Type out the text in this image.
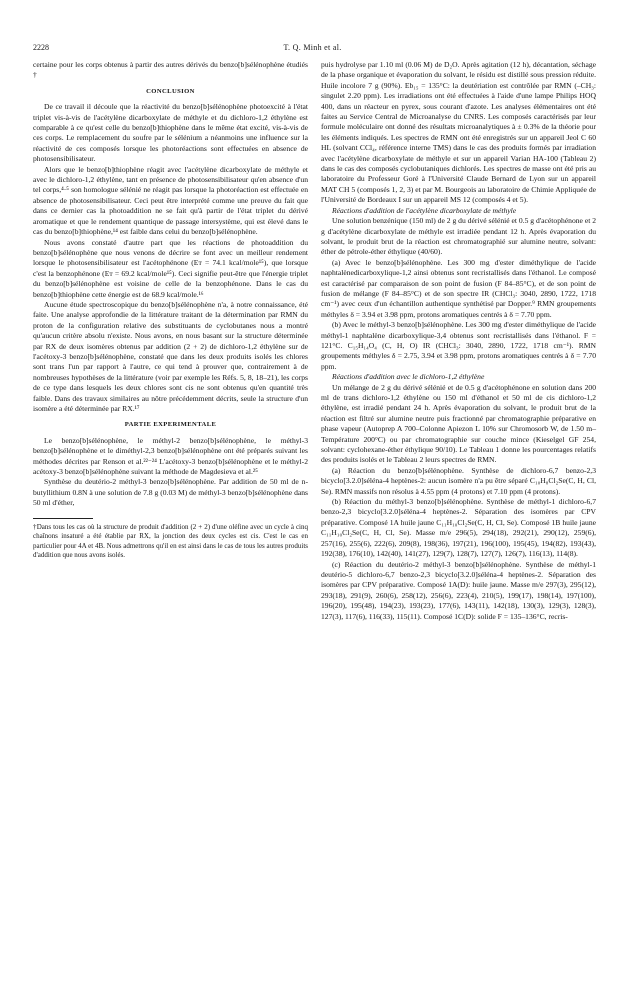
2228	T. Q. Minh et al.

certaine pour les corps obtenus à partir des autres dérivés du benzo[b]sélénophène étudiés †

CONCLUSION

De ce travail il découle que la réactivité du benzo[b]sélénophène photoexcité à l'état triplet vis-à-vis de l'acétylène dicarboxylate de méthyle et du dichloro-1,2 éthylène est comparable à ce qu'est celle du benzo[b]thiophène dans le même état excité, vis-à-vis de ces corps. Le remplacement du soufre par le sélénium a néanmoins une influence sur la réactivité de ces composés lorsque les photoréactions sont effectuées en absence de photosensibilisateur.

Alors que le benzo[b]thiophène réagit avec l'acétylène dicarboxylate de méthyle et avec le dichloro-1,2 éthylène, tant en présence de photosensibilisateur qu'en absence d'un tel corps,⁴·⁵ son homologue sélénié ne réagit pas lorsque la photoréaction est effectuée en absence de photosensibilisateur. Ceci peut être interprété comme une preuve du fait que dans ce dernier cas la photoaddition ne se fait qu'à partir de l'état triplet du dérivé aromatique et que le rendement quantique de passage intersystème, qui est élevé dans le cas du benzo[b]thiophène,¹⁴ est faible dans celui du benzo[b]sélénophène.

Nous avons constaté d'autre part que les réactions de photoaddition du benzo[b]sélénophène que nous venons de décrire se font avec un meilleur rendement lorsque le photosensibilisateur est l'acétophénone (Eᴛ = 74.1 kcal/mole¹⁵), que lorsque c'est la benzophénone (Eᴛ = 69.2 kcal/mole¹⁵). Ceci signifie peut-être que l'énergie triplet du benzo[b]sélénophène est voisine de celle de la benzophénone. Dans le cas du benzo[b]thiophène cette énergie est de 68.9 kcal/mole.¹⁶

Aucune étude spectroscopique du benzo[b]sélénophène n'a, à notre connaissance, été faite. Une analyse approfondie de la littérature traitant de la détermination par RMN du proton de la configuration relative des substituants de cyclobutanes nous a montré qu'aucun critère absolu n'existe. Nous avons, en nous basant sur la structure déterminée par RX de deux isomères obtenus par addition (2 + 2) de dichloro-1,2 éthylène sur de l'acétoxy-3 benzo[b]sélénophène, constaté que dans les deux produits isolés les chlores sont trans l'un par rapport à l'autre, ce qui tend à prouver que, contrairement à de nombreuses hypothèses de la littérature (voir par exemple les Réfs. 5, 8, 18–21), les corps de ce type dans lesquels les deux chlores sont cis ne sont obtenus qu'en quantité très faible. Dans des travaux similaires au nôtre précédemment décrits, seule la structure d'un isomère a été déterminée par RX.¹⁷

PARTIE EXPERIMENTALE

Le benzo[b]sélénophène, le méthyl-2 benzo[b]sélénophène, le méthyl-3 benzo[b]sélénophène et le diméthyl-2,3 benzo[b]sélénophène ont été préparés suivant les méthodes décrites par Renson et al.²²⁻²⁴ L'acétoxy-3 benzo[b]sélénophène et le méthyl-2 acétoxy-3 benzo[b]sélénophène suivant la méthode de Magdesieva et al.²⁵

Synthèse du deutério-2 méthyl-3 benzo[b]sélénophène. Par addition de 50 ml de n-butyllithium 0.8N à une solution de 7.8 g (0.03 M) de méthyl-3 benzo[b]sélénophène dans 50 ml d'éther,

†Dans tous les cas où la structure de produit d'addition (2 + 2) d'une oléfine avec un cycle à cinq chaînons insaturé a été établie par RX, la jonction des deux cycles est cis. C'est le cas en particulier pour 4A et 4B. Nous admettrons qu'il en est ainsi dans le cas de tous les autres produits d'addition que nous avons isolés.

puis hydrolyse par 1.10 ml (0.06 M) de D₂O. Après agitation (12 h), décantation, séchage de la phase organique et évaporation du solvant, le résidu est distillé sous pression réduite. Huile incolore 7 g (90%). Eb₁₅ = 135°C: la deutériation est contrôlée par RMN (–CH₃: singulet 2.20 ppm). Les irradiations ont été effectuées à l'aide d'une lampe Philips HOQ 400, dans un réacteur en pyrex, sous courant d'azote. Les analyses élémentaires ont été faites au Service Central de Microanalyse du CNRS. Les composés caractérisés par leur formule moléculaire ont donné des résultats microanalytiques à ± 0.3% de la théorie pour les éléments indiqués. Les spectres de RMN ont été enregistrés sur un appareil Jeol C 60 HL (solvant CCl₄, référence interne TMS) dans le cas des produits formés par irradiation avec l'acétylène dicarboxylate de méthyle et sur un appareil Varian HA-100 (Tableau 2) dans le cas des composés cyclobutaniques dichlorés. Les spectres de masse ont été pris au laboratoire du Professeur Goré à l'Université Claude Bernard de Lyon sur un appareil MAT CH 5 (composés 1, 2, 3) et par M. Bourgeois au laboratoire de Chimie Appliquée de l'Université de Bordeaux I sur un appareil MS 12 (composés 4 et 5).

Réactions d'addition de l'acétylène dicarboxylate de méthyle

Une solution benzénique (150 ml) de 2 g du dérivé sélénié et 0.5 g d'acétophénone et 2 g d'acétylène dicarboxylate de méthyle est irradiée pendant 12 h. Après évaporation du solvant, le produit brut de la réaction est chromatographié sur alumine neutre, solvant: éther de pétrole-éther éthylique (40/60).

(a) Avec le benzo[b]sélénophène. Les 300 mg d'ester diméthylique de l'acide naphtalènedicarboxylique-1,2 ainsi obtenus sont recristallisés dans l'éthanol. Le composé est caractérisé par comparaison de son point de fusion (F 84–85°C), et de son point de fusion de mélange (F 84–85°C) et de son spectre IR (CHCl₃: 3040, 2890, 1722, 1718 cm⁻¹) avec ceux d'un échantillon authentique synthétisé par Dopper.⁹ RMN groupements méthyles δ = 3.94 et 3.98 ppm, protons aromatiques centrés à δ = 7.70 ppm.

(b) Avec le méthyl-3 benzo[b]sélénophène. Les 300 mg d'ester diméthylique de l'acide méthyl-1 naphtalène dicarboxylique-3,4 obtenus sont recristallisés dans l'éthanol. F = 121°C. C₁₅H₁₄O₄ (C, H, O) IR (CHCl₃: 3040, 2890, 1722, 1718 cm⁻¹). RMN groupements méthyles δ = 2.75, 3.94 et 3.98 ppm, protons aromatiques centrés à δ = 7.70 ppm.

Réactions d'addition avec le dichloro-1,2 éthylène

Un mélange de 2 g du dérivé sélénié et de 0.5 g d'acétophénone en solution dans 200 ml de trans dichloro-1,2 éthylène ou 150 ml d'éthanol et 50 ml de cis dichloro-1,2 éthylène, est irradié pendant 24 h. Après évaporation du solvant, le produit brut de la réaction est filtré sur alumine neutre puis fractionné par chromatographie préparative en phase vapeur (Autoprep A 700–Colonne Apiezon L 10% sur Chromosorb W, de 1.50 m–Température 200°C) ou par chromatographie sur couche mince (Kieselgel GF 254, solvant: cyclohexane-éther éthylique 90/10). Le Tableau 1 donne les pourcentages relatifs des produits isolés et le Tableau 2 leurs spectres de RMN.

(a) Réaction du benzo[b]sélénophène. Synthèse de dichloro-6,7 benzo-2,3 bicyclo[3.2.0]séléna-4 heptènes-2: aucun isomère n'a pu être séparé C₁₀H₈Cl₂Se(C, H, Cl, Se). RMN massifs non résolus à 4.55 ppm (4 protons) et 7.10 ppm (4 protons).

(b) Réaction du méthyl-3 benzo[b]sélénophène. Synthèse de méthyl-1 dichloro-6,7 benzo-2,3 bicyclo[3.2.0]séléna-4 heptènes-2. Séparation des isomères par CPV préparative. Composé 1A huile jaune C₁₁H₁₀Cl₂Se(C, H, Cl, Se). Composé 1B huile jaune C₁₁H₁₀Cl₂Se(C, H, Cl, Se). Masse m/e 296(5), 294(18), 292(21), 290(12), 259(6), 257(16), 255(6), 222(6), 209(8), 198(36), 197(21), 196(100), 195(45), 194(82), 193(43), 192(38), 176(10), 142(40), 141(27), 129(7), 128(7), 127(7), 126(7), 116(13), 114(8).

(c) Réaction du deutério-2 méthyl-3 benzo[b]sélénophène. Synthèse de méthyl-1 deutério-5 dichloro-6,7 benzo-2,3 bicyclo[3.2.0]séléna-4 heptènes-2. Séparation des isomères par CPV préparative. Composé 1A(D): huile jaune. Masse m/e 297(3), 295(12), 293(18), 291(9), 260(6), 258(12), 256(6), 223(4), 210(5), 199(17), 198(14), 197(100), 196(20), 195(48), 194(23), 193(23), 177(6), 143(11), 142(18), 130(3), 129(3), 128(3), 127(3), 117(6), 116(33), 115(11). Composé 1C(D): solide F = 135–136°C, recris-
